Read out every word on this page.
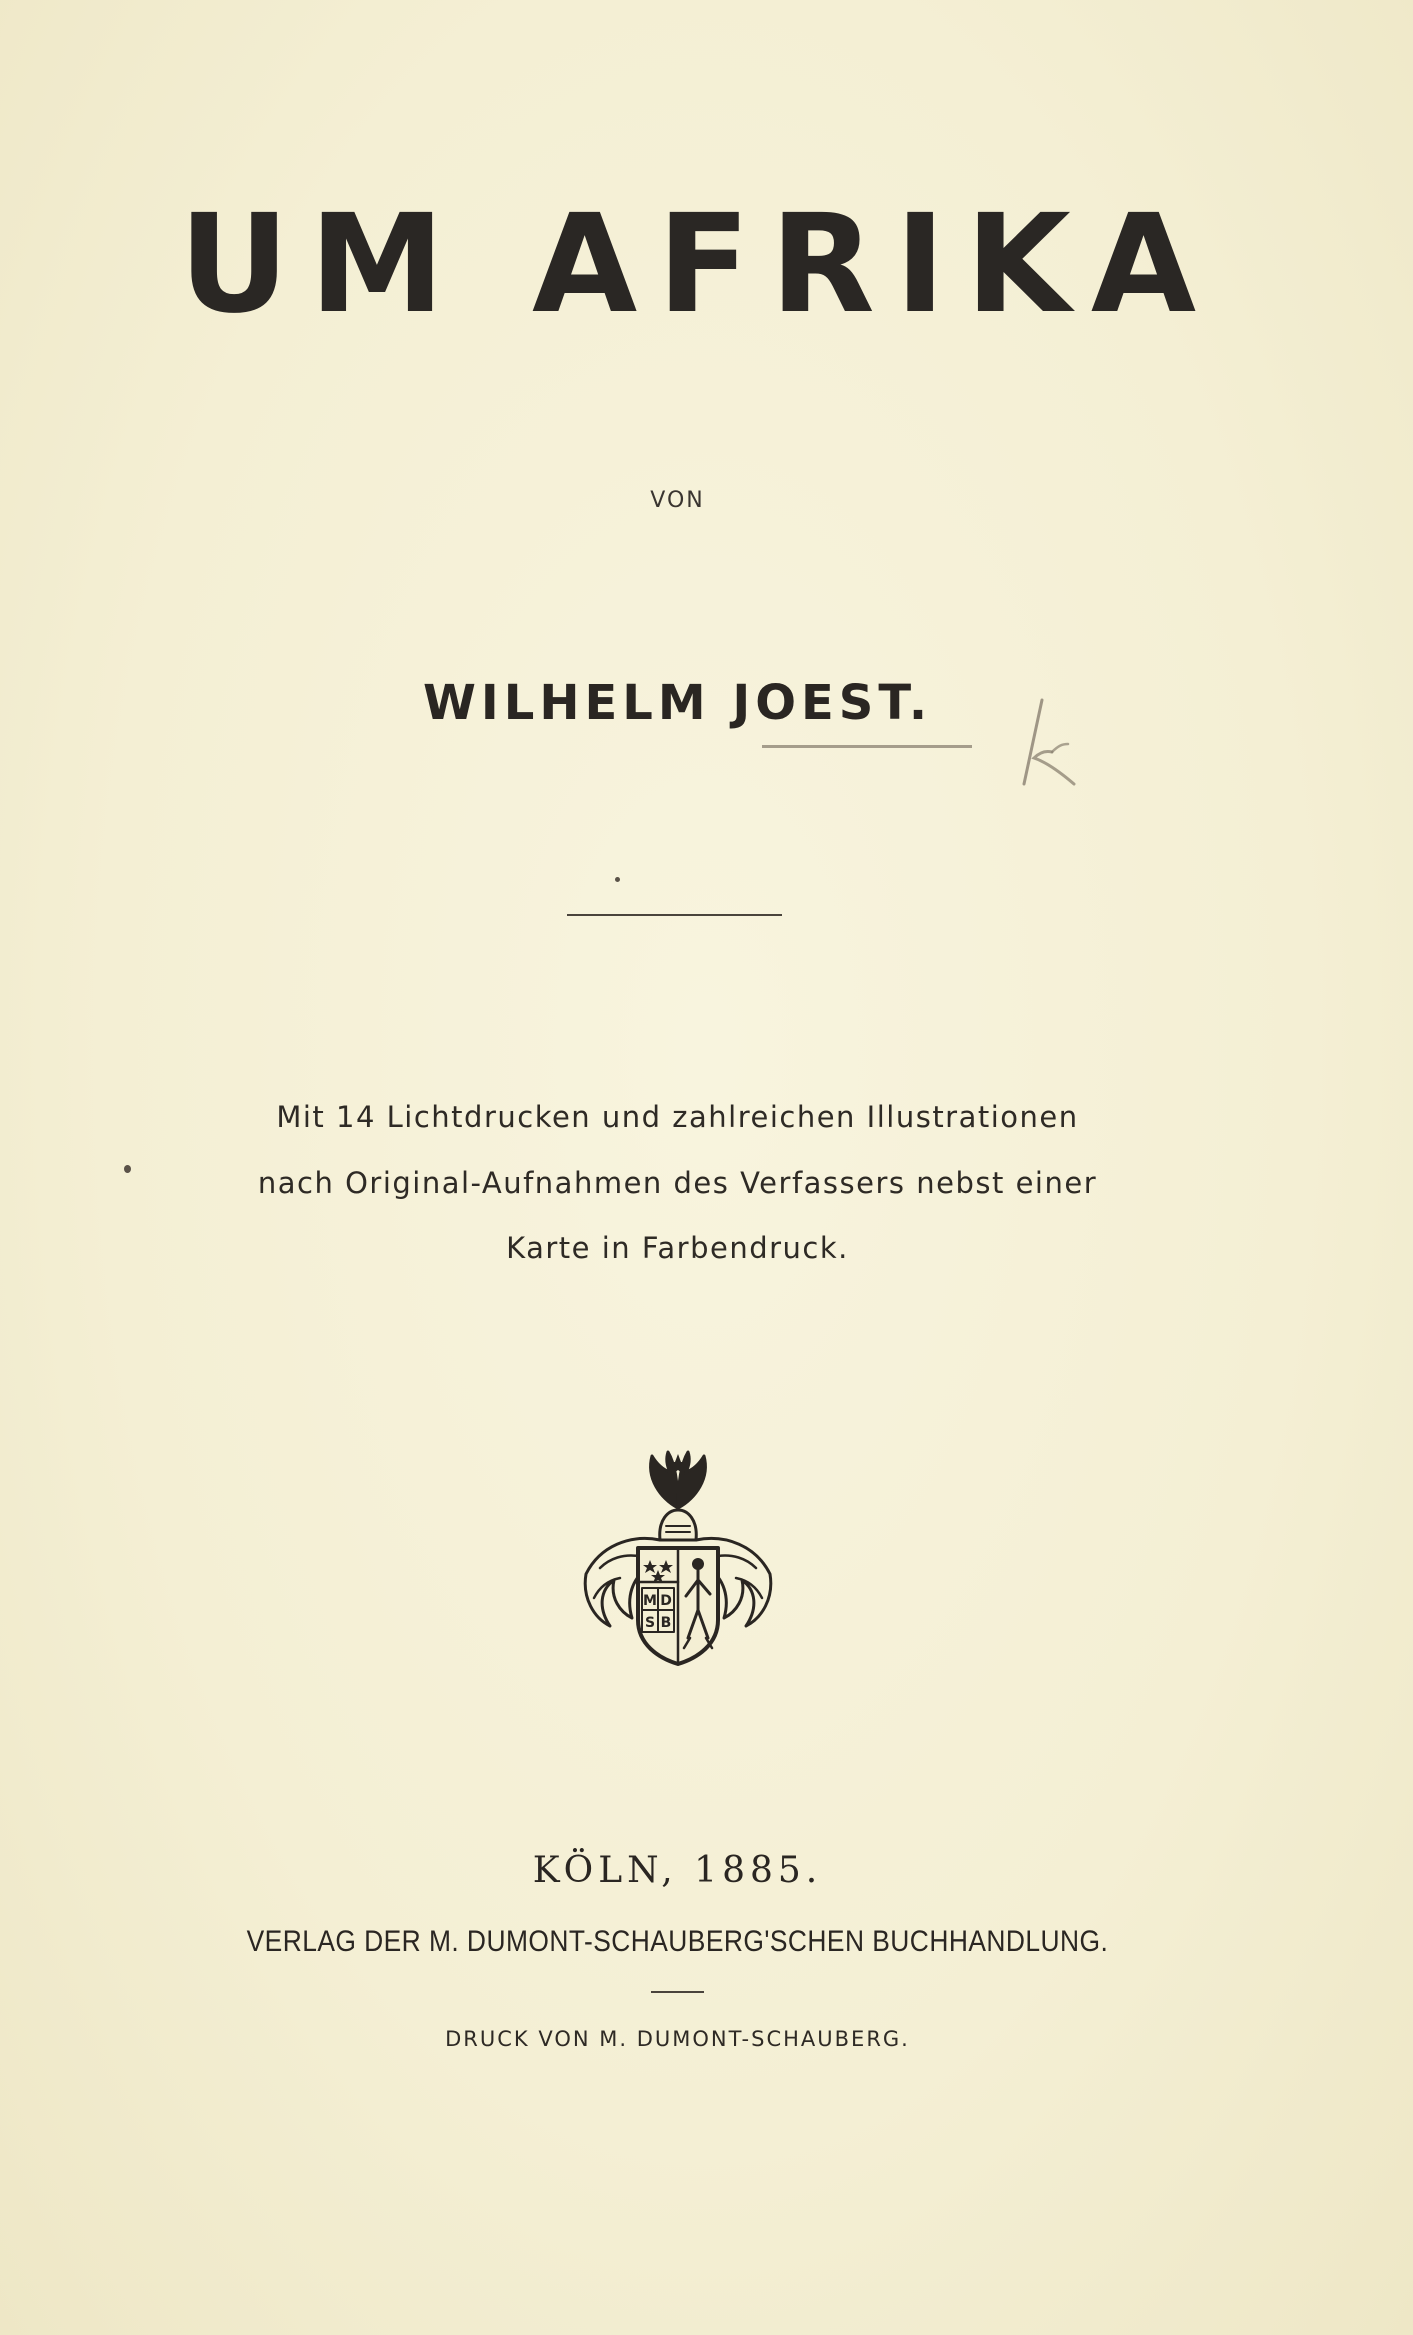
UM AFRIKA
VON
WILHELM JOEST.
k
Mit 14 Lichtdrucken und zahlreichen Illustrationen
nach Original-Aufnahmen des Verfassers nebst einer
Karte in Farbendruck.
M D
S B
KÖLN, 1885.
VERLAG DER M. DUMONT-SCHAUBERG'SCHEN BUCHHANDLUNG.
DRUCK VON M. DUMONT-SCHAUBERG.
